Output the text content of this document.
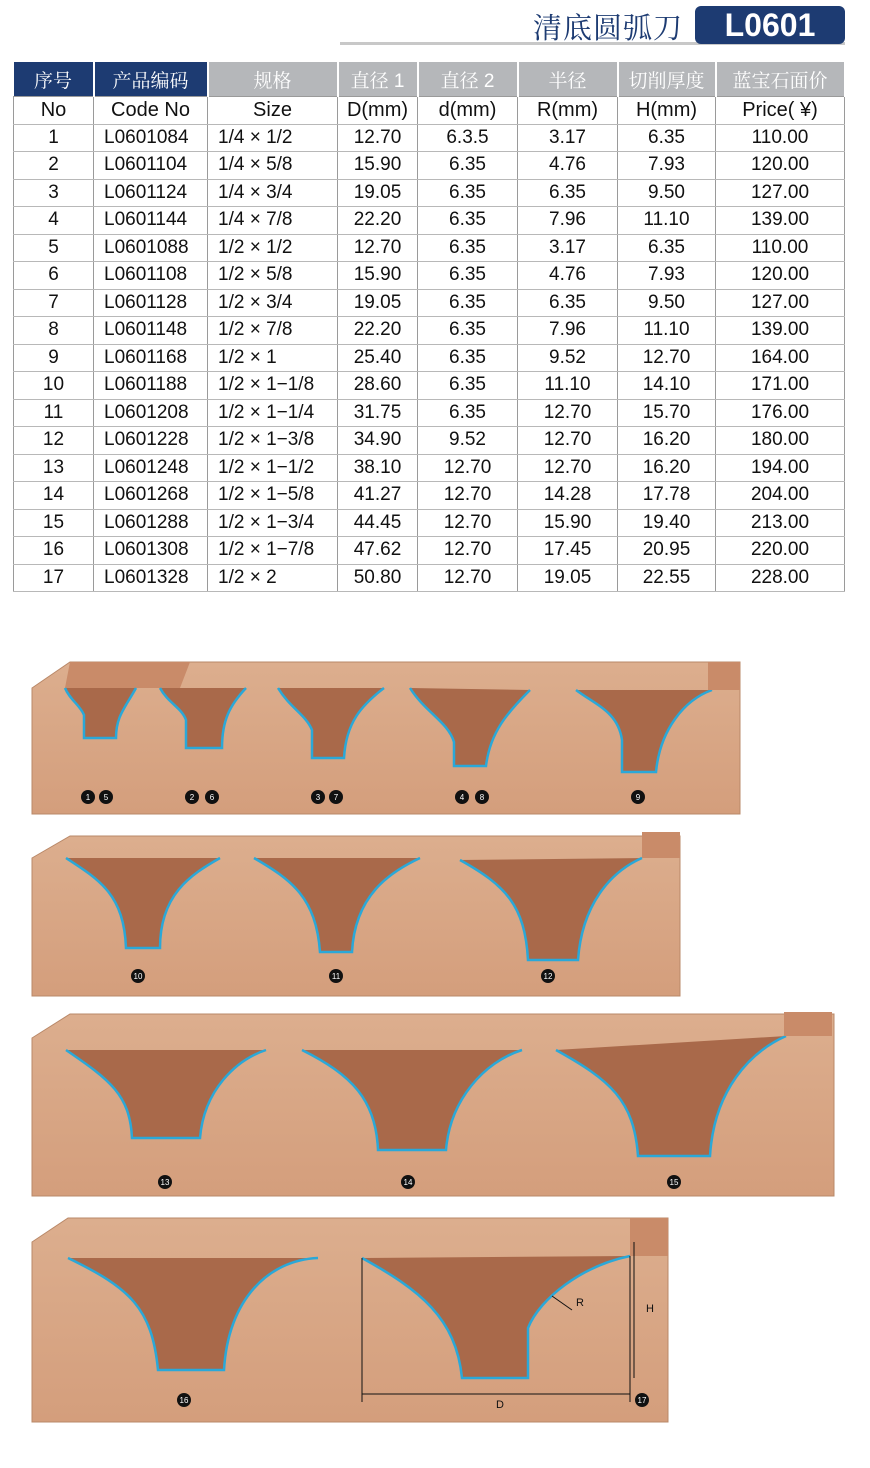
清底圆弧刀	L0601
序号	产品编码	规格	直径 1	直径 2	半径	切削厚度	蓝宝石面价
No	Code No	Size	D(mm)	d(mm)	R(mm)	H(mm)	Price( ¥)
1	L0601084	1/4 × 1/2	12.70	6.3.5	3.17	6.35	110.00
2	L0601104	1/4 × 5/8	15.90	6.35	4.76	7.93	120.00
3	L0601124	1/4 × 3/4	19.05	6.35	6.35	9.50	127.00
4	L0601144	1/4 × 7/8	22.20	6.35	7.96	11.10	139.00
5	L0601088	1/2 × 1/2	12.70	6.35	3.17	6.35	110.00
6	L0601108	1/2 × 5/8	15.90	6.35	4.76	7.93	120.00
7	L0601128	1/2 × 3/4	19.05	6.35	6.35	9.50	127.00
8	L0601148	1/2 × 7/8	22.20	6.35	7.96	11.10	139.00
9	L0601168	1/2 × 1	25.40	6.35	9.52	12.70	164.00
10	L0601188	1/2 × 1−1/8	28.60	6.35	11.10	14.10	171.00
11	L0601208	1/2 × 1−1/4	31.75	6.35	12.70	15.70	176.00
12	L0601228	1/2 × 1−3/8	34.90	9.52	12.70	16.20	180.00
13	L0601248	1/2 × 1−1/2	38.10	12.70	12.70	16.20	194.00
14	L0601268	1/2 × 1−5/8	41.27	12.70	14.28	17.78	204.00
15	L0601288	1/2 × 1−3/4	44.45	12.70	15.90	19.40	213.00
16	L0601308	1/2 × 1−7/8	47.62	12.70	17.45	20.95	220.00
17	L0601328	1/2 × 2	50.80	12.70	19.05	22.55	228.00
1 5	2 6	3 7	4 8	9
10	11	12
13	14	15
16	17
R	H
D
